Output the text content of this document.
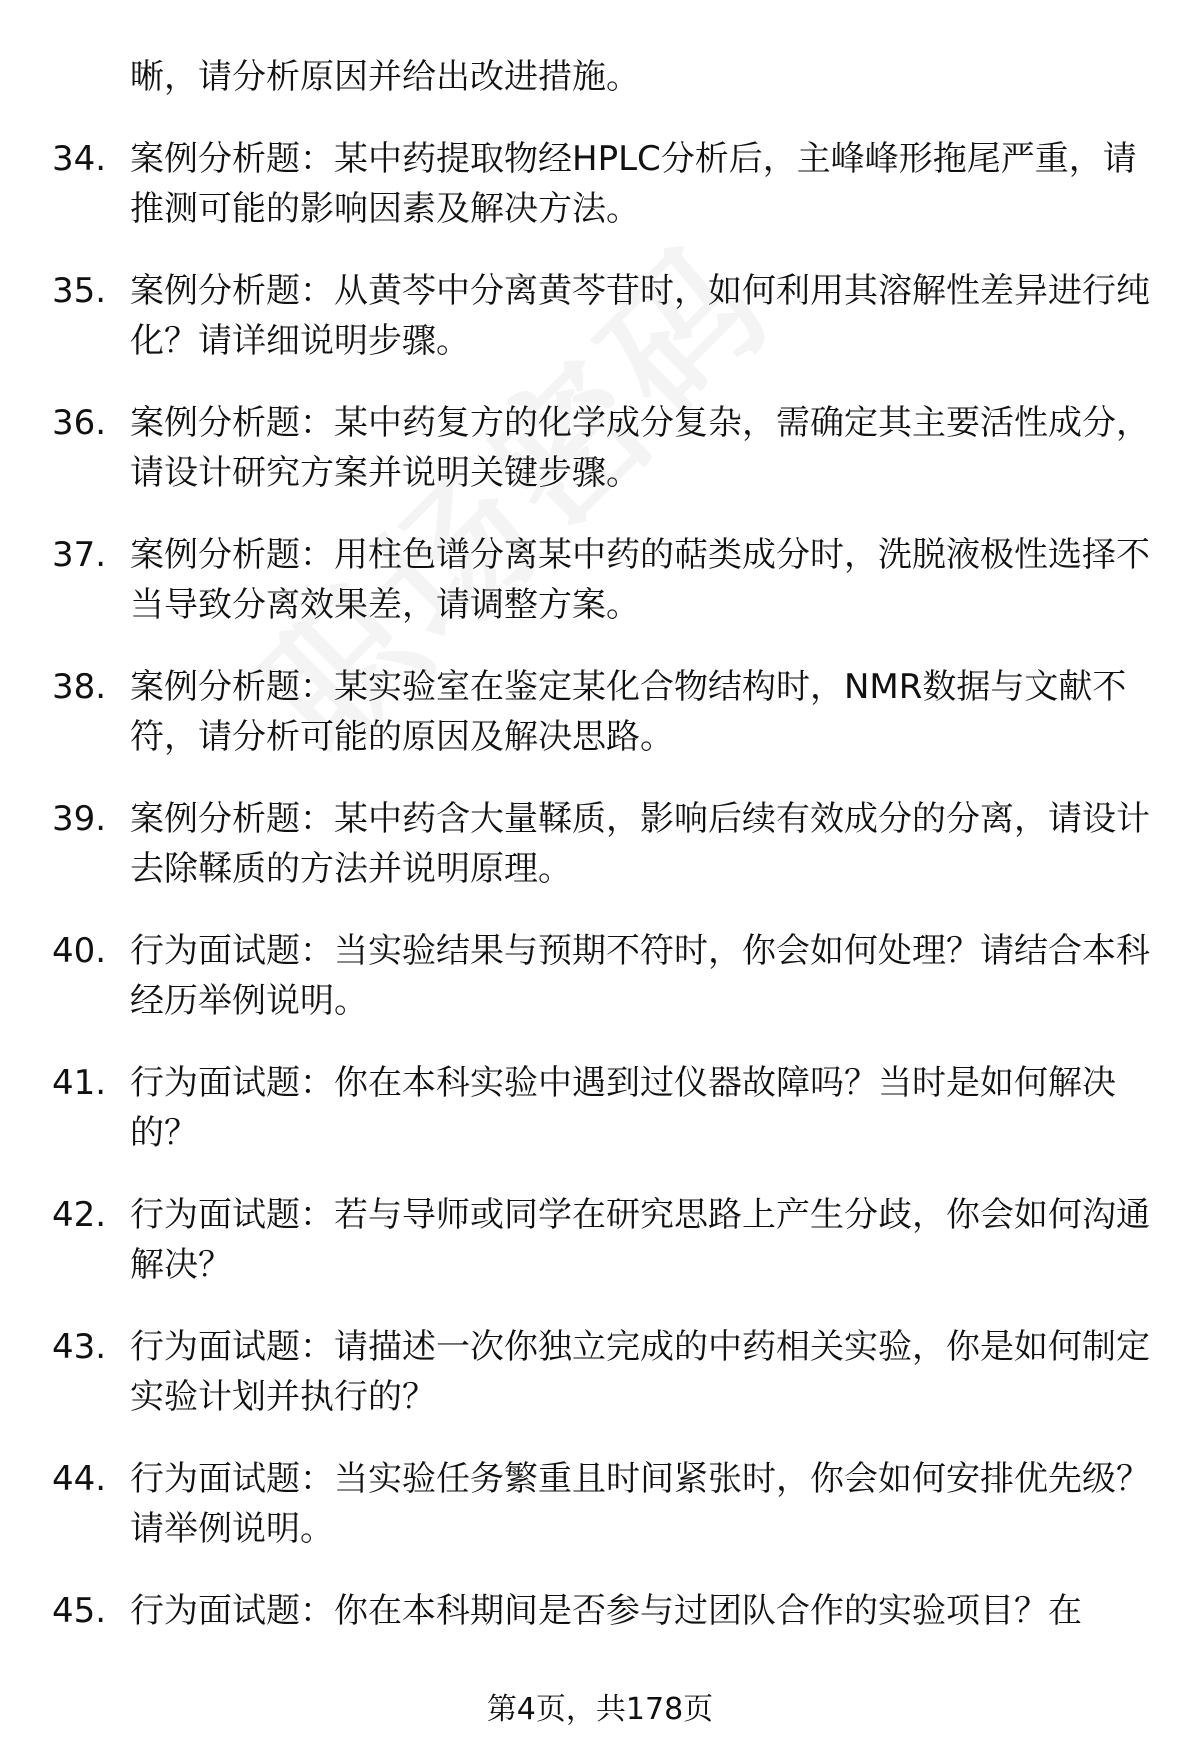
晰，请分析原因并给出改进措施。
34. 案例分析题：某中药提取物经HPLC分析后，主峰峰形拖尾严重，请推测可能的影响因素及解决方法。
35. 案例分析题：从黄芩中分离黄芩苷时，如何利用其溶解性差异进行纯化？请详细说明步骤。
36. 案例分析题：某中药复方的化学成分复杂，需确定其主要活性成分，请设计研究方案并说明关键步骤。
37. 案例分析题：用柱色谱分离某中药的萜类成分时，洗脱液极性选择不当导致分离效果差，请调整方案。
38. 案例分析题：某实验室在鉴定某化合物结构时，NMR数据与文献不符，请分析可能的原因及解决思路。
39. 案例分析题：某中药含大量鞣质，影响后续有效成分的分离，请设计去除鞣质的方法并说明原理。
40. 行为面试题：当实验结果与预期不符时，你会如何处理？请结合本科经历举例说明。
41. 行为面试题：你在本科实验中遇到过仪器故障吗？当时是如何解决的？
42. 行为面试题：若与导师或同学在研究思路上产生分歧，你会如何沟通解决？
43. 行为面试题：请描述一次你独立完成的中药相关实验，你是如何制定实验计划并执行的？
44. 行为面试题：当实验任务繁重且时间紧张时，你会如何安排优先级？请举例说明。
45. 行为面试题：你在本科期间是否参与过团队合作的实验项目？在
第4页，共178页
